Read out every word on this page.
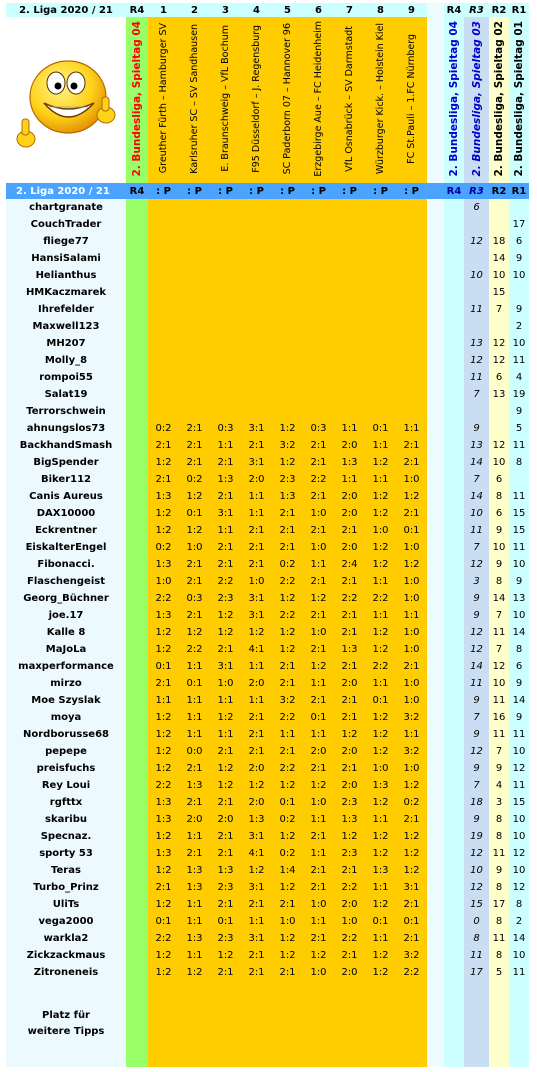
2. Liga 2020 / 21	R4	1	2	3	4	5	6	7	8	9		R4	R3	R2	R1
	2. Bundesliga, Spieltag 04	Greuther Fürth – Hamburger SV	Karlsruher SC – SV Sandhausen	E. Braunschweig – VfL Bochum	F95 Düsseldorf – J. Regensburg	SC Paderborn 07 – Hannover 96	Erzgebirge Aue – FC Heidenheim	VfL Osnabrück – SV Darmstadt	Würzburger Kick. – Holstein Kiel	FC St.Pauli – 1.FC Nürnberg		2. Bundesliga, Spieltag 04	2. Bundesliga, Spieltag 03	2. Bundesliga, Spieltag 02	2. Bundesliga, Spieltag 01
2. Liga 2020 / 21	R4	: P	: P	: P	: P	: P	: P	: P	: P	: P		R4	R3	R2	R1
chartgranate													6		
CouchTrader															17
fliege77													12	18	6
HansiSalami														14	9
Helianthus													10	10	10
HMKaczmarek														15	
Ihrefelder													11	7	9
Maxwell123															2
MH207													13	12	10
Molly_8													12	12	11
rompoi55													11	6	4
Salat19													7	13	19
Terrorschwein															9
ahnungslos73		0:2	2:1	0:3	3:1	1:2	0:3	1:1	0:1	1:1			9		5
BackhandSmash		2:1	2:1	1:1	2:1	3:2	2:1	2:0	1:1	2:1			13	12	11
BigSpender		1:2	2:1	2:1	3:1	1:2	2:1	1:3	1:2	2:1			14	10	8
Biker112		2:1	0:2	1:3	2:0	2:3	2:2	1:1	1:1	1:0			7	6	
Canis Aureus		1:3	1:2	2:1	1:1	1:3	2:1	2:0	1:2	1:2			14	8	11
DAX10000		1:2	0:1	3:1	1:1	2:1	1:0	2:0	1:2	2:1			10	6	15
Eckrentner		1:2	1:2	1:1	2:1	2:1	2:1	2:1	1:0	0:1			11	9	15
EiskalterEngel		0:2	1:0	2:1	2:1	2:1	1:0	2:0	1:2	1:0			7	10	11
Fibonacci.		1:3	2:1	2:1	2:1	0:2	1:1	2:4	1:2	1:2			12	9	10
Flaschengeist		1:0	2:1	2:2	1:0	2:2	2:1	2:1	1:1	1:0			3	8	9
Georg_Büchner		2:2	0:3	2:3	3:1	1:2	1:2	2:2	2:2	1:0			9	14	13
joe.17		1:3	2:1	1:2	3:1	2:2	2:1	2:1	1:1	1:1			9	7	10
Kalle 8		1:2	1:2	1:2	1:2	1:2	1:0	2:1	1:2	1:0			12	11	14
MaJoLa		1:2	2:2	2:1	4:1	1:2	2:1	1:3	1:2	1:0			12	7	8
maxperformance		0:1	1:1	3:1	1:1	2:1	1:2	2:1	2:2	2:1			14	12	6
mirzo		2:1	0:1	1:0	2:0	2:1	1:1	2:0	1:1	1:0			11	10	9
Moe Szyslak		1:1	1:1	1:1	1:1	3:2	2:1	2:1	0:1	1:0			9	11	14
moya		1:2	1:1	1:2	2:1	2:2	0:1	2:1	1:2	3:2			7	16	9
Nordborusse68		1:2	1:1	1:1	2:1	1:1	1:1	1:2	1:2	1:1			9	11	11
pepepe		1:2	0:0	2:1	2:1	2:1	2:0	2:0	1:2	3:2			12	7	10
preisfuchs		1:2	2:1	1:2	2:0	2:2	2:1	2:1	1:0	1:0			9	9	12
Rey Loui		2:2	1:3	1:2	1:2	1:2	1:2	2:0	1:3	1:2			7	4	11
rgfttx		1:3	2:1	2:1	2:0	0:1	1:0	2:3	1:2	0:2			18	3	15
skaribu		1:3	2:0	2:0	1:3	0:2	1:1	1:3	1:1	2:1			9	8	10
Specnaz.		1:2	1:1	2:1	3:1	1:2	2:1	1:2	1:2	1:2			19	8	10
sporty 53		1:3	2:1	2:1	4:1	0:2	1:1	2:3	1:2	1:2			12	11	12
Teras		1:2	1:3	1:3	1:2	1:4	2:1	2:1	1:3	1:2			10	9	10
Turbo_Prinz		2:1	1:3	2:3	3:1	1:2	2:1	2:2	1:1	3:1			12	8	12
UliTs		1:2	1:1	2:1	2:1	2:1	1:0	2:0	1:2	2:1			15	17	8
vega2000		0:1	1:1	0:1	1:1	1:0	1:1	1:0	0:1	0:1			0	8	2
warkla2		2:2	1:3	2:3	3:1	1:2	2:1	2:2	1:1	2:1			8	11	14
Zickzackmaus		1:2	1:1	1:2	2:1	1:2	1:2	2:1	1:2	3:2			11	8	10
Zitroneneis		1:2	1:2	2:1	2:1	2:1	1:0	2:0	1:2	2:2			17	5	11

Platz für
weitere Tipps															
